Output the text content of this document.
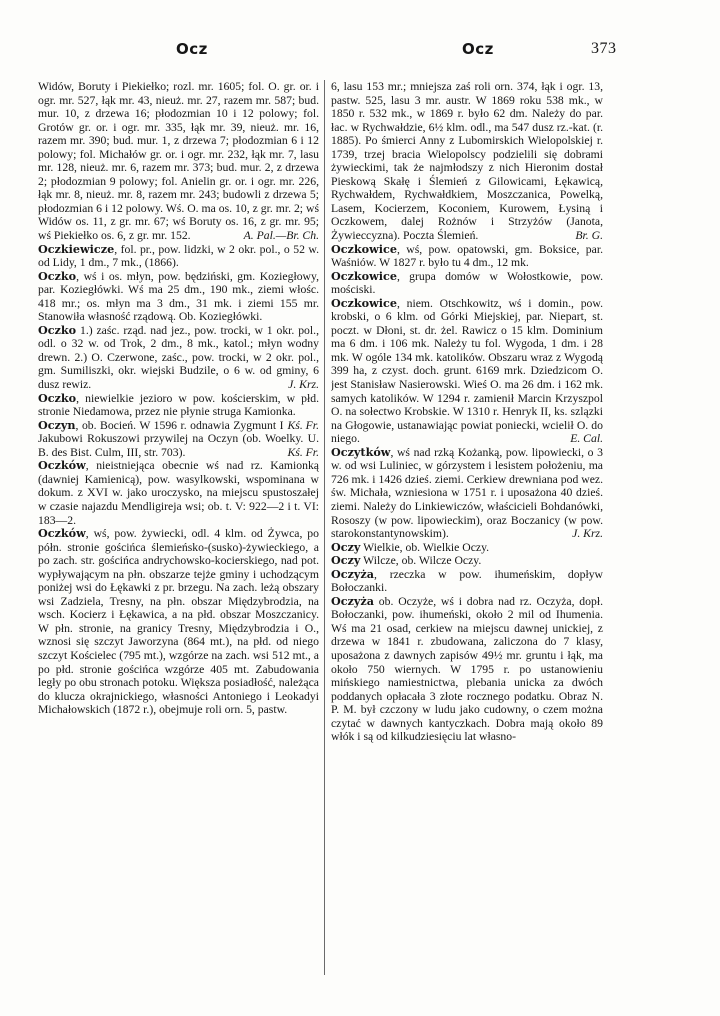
Ocz	Ocz	373

Widów, Boruty i Piekiełko; rozl. mr. 1605; fol. O. gr. or. i ogr. mr. 527, łąk mr. 43, nieuż. mr. 27, razem mr. 587; bud. mur. 10, z drzewa 16; płodozmian 10 i 12 polowy; fol. Grotów gr. or. i ogr. mr. 335, łąk mr. 39, nieuż. mr. 16, razem mr. 390; bud. mur. 1, z drzewa 7; płodozmian 6 i 12 polowy; fol. Michałów gr. or. i ogr. mr. 232, łąk mr. 7, lasu mr. 128, nieuż. mr. 6, razem mr. 373; bud. mur. 2, z drzewa 2; płodozmian 9 polowy; fol. Anielin gr. or. i ogr. mr. 226, łąk mr. 8, nieuż. mr. 8, razem mr. 243; budowli z drzewa 5; płodozmian 6 i 12 polowy. Wś. O. ma os. 10, z gr. mr. 2; wś Widów os. 11, z gr. mr. 67; wś Boruty os. 16, z gr. mr. 95; wś Piekiełko os. 6, z gr. mr. 152.	A. Pal.—Br. Ch.

Oczkiewicze, fol. pr., pow. lidzki, w 2 okr. pol., o 52 w. od Lidy, 1 dm., 7 mk., (1866).

Oczko, wś i os. młyn, pow. będziński, gm. Koziegłowy, par. Koziegłówki. Wś ma 25 dm., 190 mk., ziemi włośc. 418 mr.; os. młyn ma 3 dm., 31 mk. i ziemi 155 mr. Stanowiła własność rządową. Ob. Koziegłówki.

Oczko 1.) zaśc. rząd. nad jez., pow. trocki, w 1 okr. pol., odl. o 32 w. od Trok, 2 dm., 8 mk., katol.; młyn wodny drewn. 2.) O. Czerwone, zaśc., pow. trocki, w 2 okr. pol., gm. Sumiliszki, okr. wiejski Budzile, o 6 w. od gminy, 6 dusz rewiz.	J. Krz.

Oczko, niewielkie jezioro w pow. kościerskim, w płd. stronie Niedamowa, przez nie płynie struga Kamionka.
Kś. Fr.

Oczyn, ob. Bocień. W 1596 r. odnawia Zygmunt I Jakubowi Rokuszowi przywilej na Oczyn (ob. Woelky. U. B. des Bist. Culm, III, str. 703).	Kś. Fr.

Oczków, nieistniejąca obecnie wś nad rz. Kamionką (dawniej Kamienicą), pow. wasylkowski, wspominana w dokum. z XVI w. jako uroczysko, na miejscu spustoszałej w czasie najazdu Mendligireja wsi; ob. t. V: 922—2 i t. VI: 183—2.

Oczków, wś, pow. żywiecki, odl. 4 klm. od Żywca, po półn. stronie gościńca ślemieńsko-(susko)-żywieckiego, a po zach. str. gościńca andrychowsko-kocierskiego, nad pot. wypływającym na płn. obszarze tejże gminy i uchodzącym poniżej wsi do Łękawki z pr. brzegu. Na zach. leżą obszary wsi Zadziela, Tresny, na płn. obszar Międzybrodzia, na wsch. Kocierz i Łękawica, a na płd. obszar Moszczanicy. W płn. stronie, na granicy Tresny, Międzybrodzia i O., wznosi się szczyt Jaworzyna (864 mt.), na płd. od niego szczyt Kościelec (795 mt.), wzgórze na zach. wsi 512 mt., a po płd. stronie gościńca wzgórze 405 mt. Zabudowania legły po obu stronach potoku. Większa posiadłość, należąca do klucza okrajnickiego, własności Antoniego i Leokadyi Michałowskich (1872 r.), obejmuje roli orn. 5, pastw.

6, lasu 153 mr.; mniejsza zaś roli orn. 374, łąk i ogr. 13, pastw. 525, lasu 3 mr. austr. W 1869 roku 538 mk., w 1850 r. 532 mk., w 1869 r. było 62 dm. Należy do par. łac. w Rychwałdzie, 6½ klm. odl., ma 547 dusz rz.-kat. (r. 1885). Po śmierci Anny z Lubomirskich Wielopolskiej r. 1739, trzej bracia Wielopolscy podzielili się dobrami żywieckimi, tak że najmłodszy z nich Hieronim dostał Pieskową Skałę i Ślemień z Gilowicami, Łękawicą, Rychwałdem, Rychwałdkiem, Moszczanica, Powelką, Lasem, Kocierzem, Koconiem, Kurowem, Łysiną i Oczkowem, dalej Rożnów i Strzyżów (Janota, Żywieccyzna). Poczta Ślemień.	Br. G.

Oczkowice, wś, pow. opatowski, gm. Boksice, par. Waśniów. W 1827 r. było tu 4 dm., 12 mk.

Oczkowice, grupa domów w Wołostkowie, pow. mościski.

Oczkowice, niem. Otschkowitz, wś i domin., pow. krobski, o 6 klm. od Górki Miejskiej, par. Niepart, st. poczt. w Dłoni, st. dr. żel. Rawicz o 15 klm. Dominium ma 6 dm. i 106 mk. Należy tu fol. Wygoda, 1 dm. i 28 mk. W ogóle 134 mk. katolików. Obszaru wraz z Wygodą 399 ha, z czyst. doch. grunt. 6169 mrk. Dziedzicom O. jest Stanisław Nasierowski. Wieś O. ma 26 dm. i 162 mk. samych katolików. W 1294 r. zamienił Marcin Krzyszpol O. na sołectwo Krobskie. W 1310 r. Henryk II, ks. szlązki na Głogowie, ustanawiając powiat poniecki, wcielił O. do niego.	E. Cal.

Oczytków, wś nad rzką Kożanką, pow. lipowiecki, o 3 w. od wsi Luliniec, w górzystem i lesistem położeniu, ma 726 mk. i 1426 dzieś. ziemi. Cerkiew drewniana pod wez. św. Michała, wzniesiona w 1751 r. i uposażona 40 dzieś. ziemi. Należy do Linkiewiczów, właścicieli Bohdanówki, Rososzy (w pow. lipowieckim), oraz Boczanicy (w pow. starokonstantynowskim).	J. Krz.

Oczy Wielkie, ob. Wielkie Oczy.

Oczy Wilcze, ob. Wilcze Oczy.

Oczyża, rzeczka w pow. ihumeńskim, dopływ Bołoczanki.

Oczyża ob. Oczyże, wś i dobra nad rz. Oczyża, dopł. Bołoczanki, pow. ihumeński, około 2 mil od Ihumenia. Wś ma 21 osad, cerkiew na miejscu dawnej unickiej, z drzewa w 1841 r. zbudowana, zaliczona do 7 klasy, uposażona z dawnych zapisów 49½ mr. gruntu i łąk, ma około 750 wiernych. W 1795 r. po ustanowieniu mińskiego namiestnictwa, plebania unicka za dwóch poddanych opłacała 3 złote rocznego podatku. Obraz N. P. M. był czczony w ludu jako cudowny, o czem można czytać w dawnych kantyczkach. Dobra mają około 89 włók i są od kilkudziesięciu lat własno-
